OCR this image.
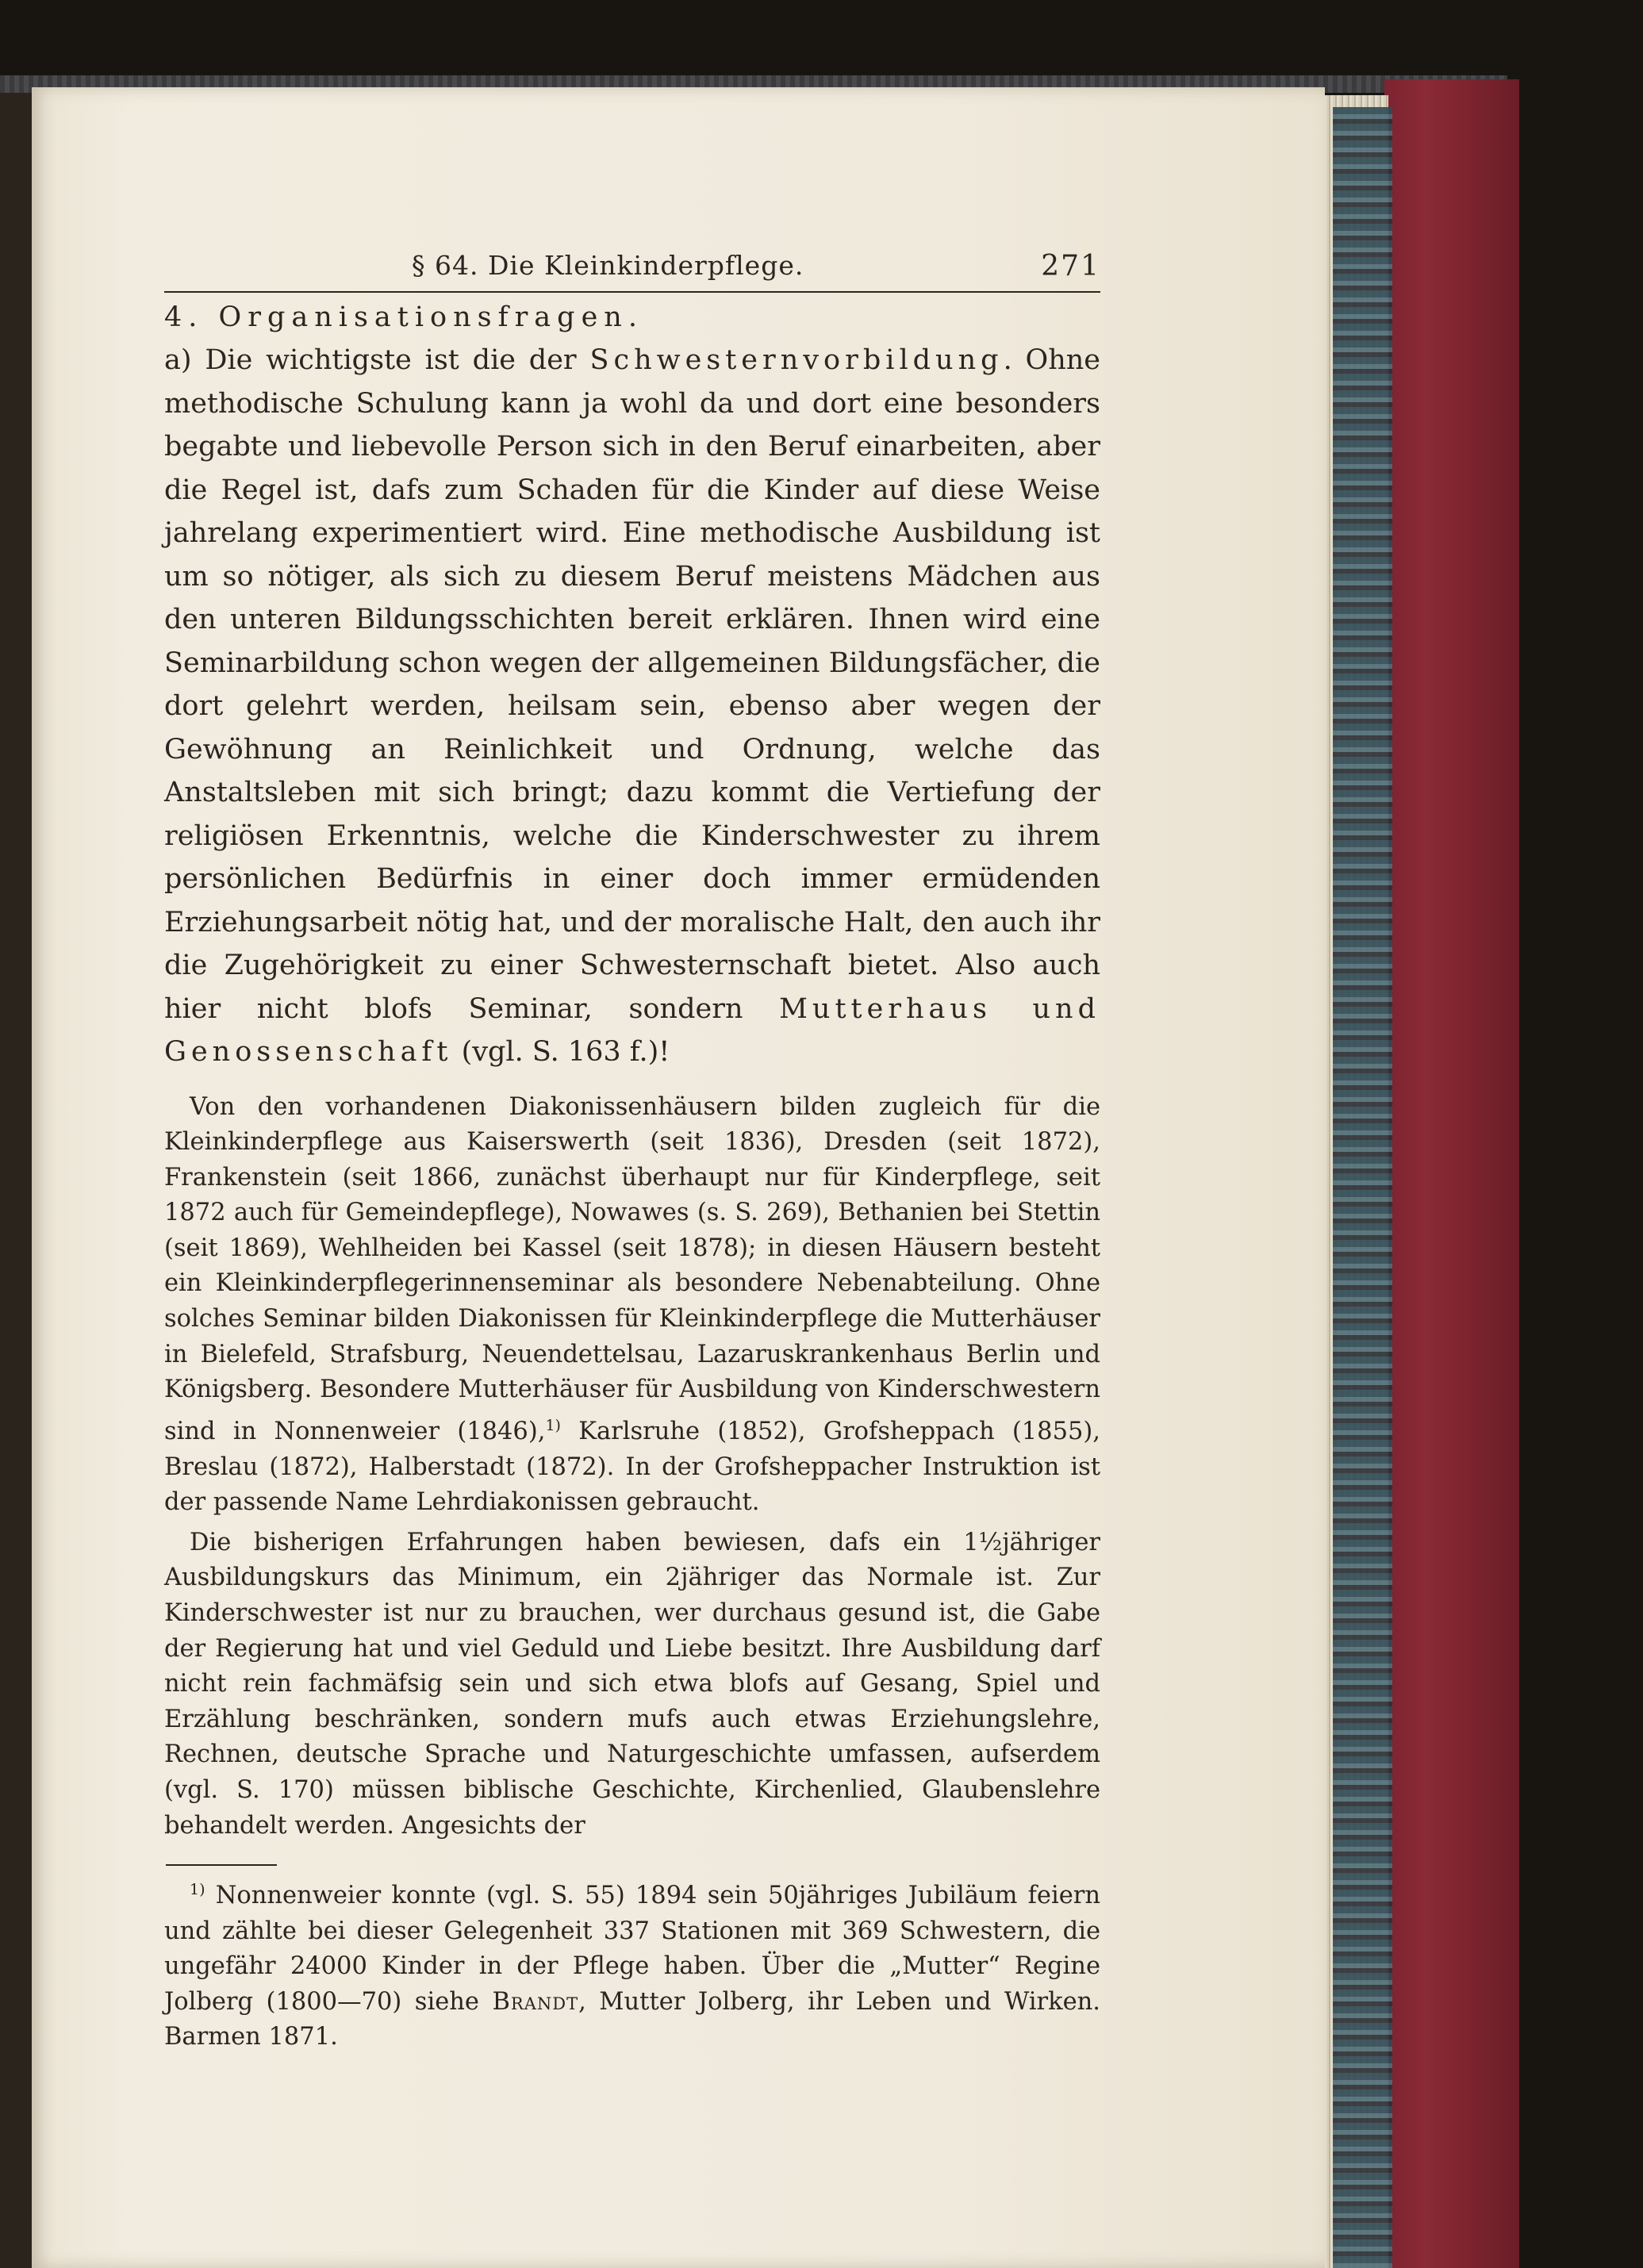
§ 64. Die Kleinkinderpflege.	271

4. Organisationsfragen.

a) Die wichtigste ist die der Schwesternvorbildung. Ohne methodische Schulung kann ja wohl da und dort eine besonders begabte und liebevolle Person sich in den Beruf einarbeiten, aber die Regel ist, dafs zum Schaden für die Kinder auf diese Weise jahrelang experimentiert wird. Eine methodische Ausbildung ist um so nötiger, als sich zu diesem Beruf meistens Mädchen aus den unteren Bildungsschichten bereit erklären. Ihnen wird eine Seminarbildung schon wegen der allgemeinen Bildungsfächer, die dort gelehrt werden, heilsam sein, ebenso aber wegen der Gewöhnung an Reinlichkeit und Ordnung, welche das Anstaltsleben mit sich bringt; dazu kommt die Vertiefung der religiösen Erkenntnis, welche die Kinderschwester zu ihrem persönlichen Bedürfnis in einer doch immer ermüdenden Erziehungsarbeit nötig hat, und der moralische Halt, den auch ihr die Zugehörigkeit zu einer Schwesternschaft bietet. Also auch hier nicht blofs Seminar, sondern Mutterhaus und Genossenschaft (vgl. S. 163 f.)!

Von den vorhandenen Diakonissenhäusern bilden zugleich für die Kleinkinderpflege aus Kaiserswerth (seit 1836), Dresden (seit 1872), Frankenstein (seit 1866, zunächst überhaupt nur für Kinderpflege, seit 1872 auch für Gemeindepflege), Nowawes (s. S. 269), Bethanien bei Stettin (seit 1869), Wehlheiden bei Kassel (seit 1878); in diesen Häusern besteht ein Kleinkinderpflegerinnenseminar als besondere Nebenabteilung. Ohne solches Seminar bilden Diakonissen für Kleinkinderpflege die Mutterhäuser in Bielefeld, Strafsburg, Neuendettelsau, Lazaruskrankenhaus Berlin und Königsberg. Besondere Mutterhäuser für Ausbildung von Kinderschwestern sind in Nonnenweier (1846),$^{1)}$ Karlsruhe (1852), Grofsheppach (1855), Breslau (1872), Halberstadt (1872). In der Grofsheppacher Instruktion ist der passende Name Lehrdiakonissen gebraucht.

Die bisherigen Erfahrungen haben bewiesen, dafs ein 1½jähriger Ausbildungskurs das Minimum, ein 2jähriger das Normale ist. Zur Kinderschwester ist nur zu brauchen, wer durchaus gesund ist, die Gabe der Regierung hat und viel Geduld und Liebe besitzt. Ihre Ausbildung darf nicht rein fachmäfsig sein und sich etwa blofs auf Gesang, Spiel und Erzählung beschränken, sondern mufs auch etwas Erziehungslehre, Rechnen, deutsche Sprache und Naturgeschichte umfassen, aufserdem (vgl. S. 170) müssen biblische Geschichte, Kirchenlied, Glaubenslehre behandelt werden. Angesichts der

$^{1)}$ Nonnenweier konnte (vgl. S. 55) 1894 sein 50jähriges Jubiläum feiern und zählte bei dieser Gelegenheit 337 Stationen mit 369 Schwestern, die ungefähr 24000 Kinder in der Pflege haben. Über die „Mutter“ Regine Jolberg (1800—70) siehe Brandt, Mutter Jolberg, ihr Leben und Wirken. Barmen 1871.
